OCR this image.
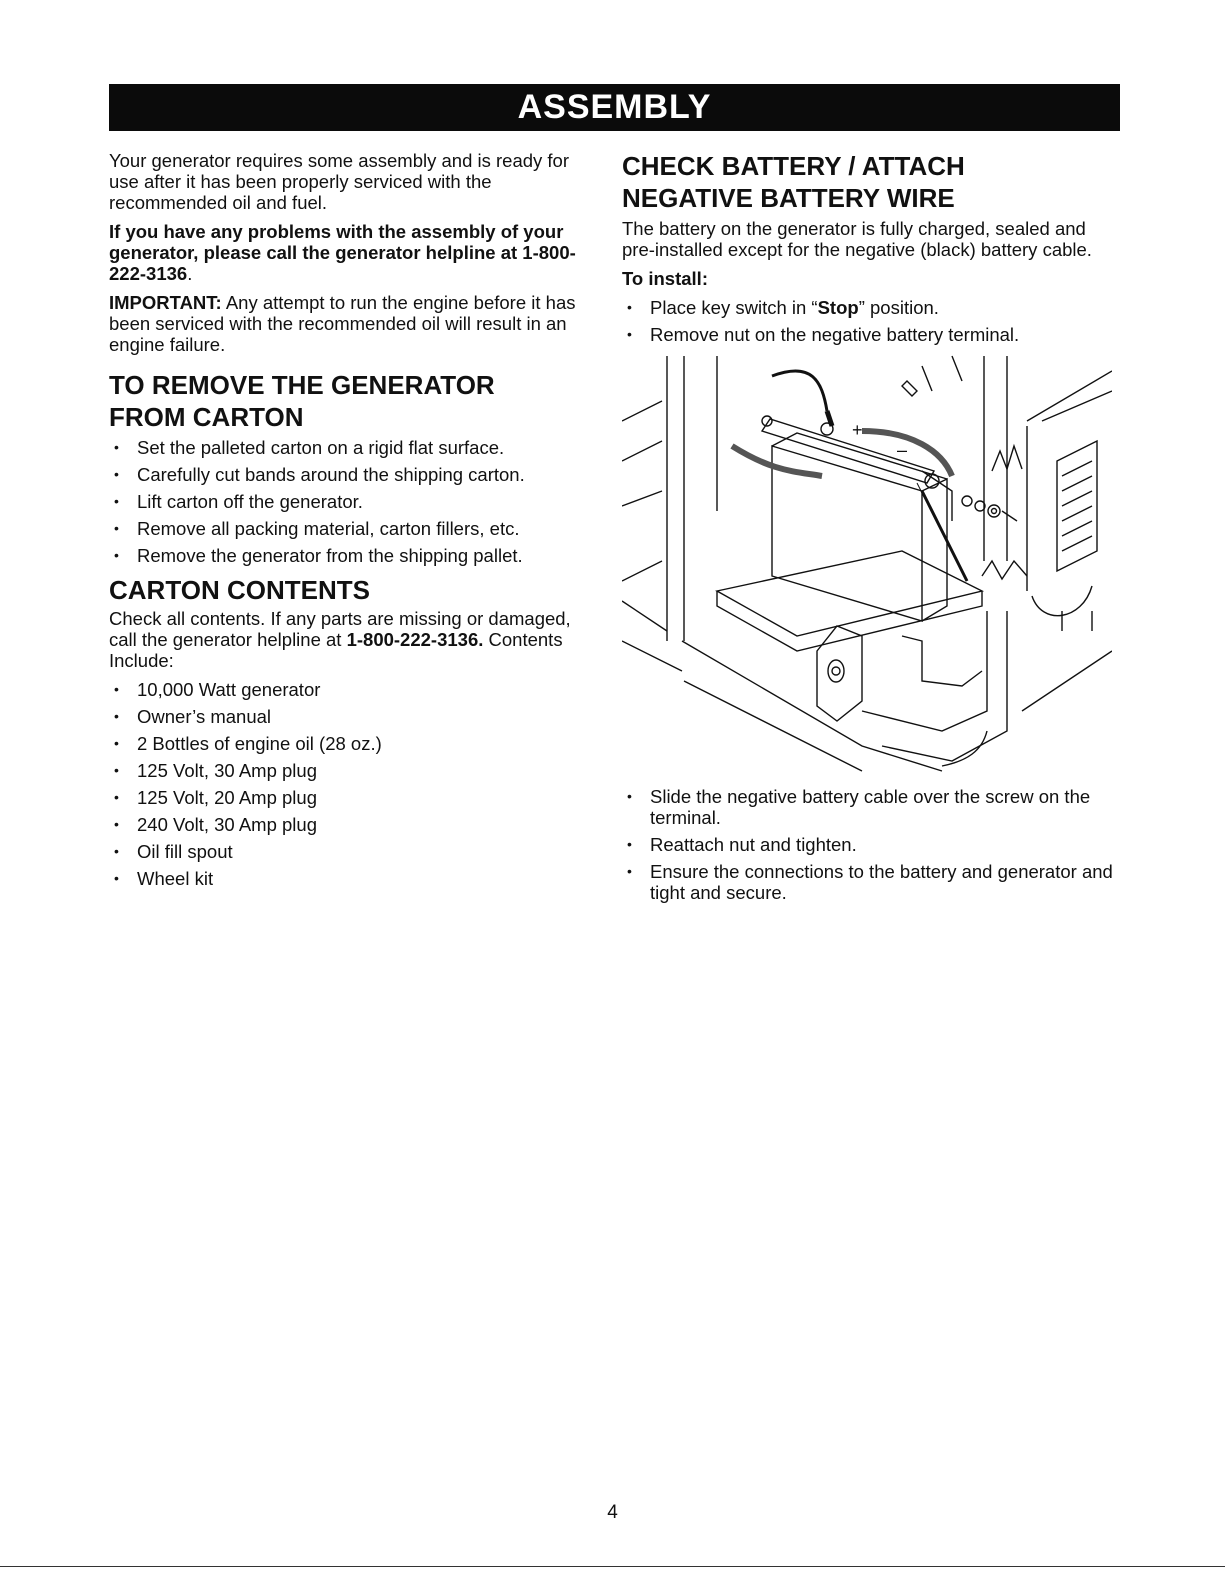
ASSEMBLY

Your generator requires some assembly and is ready for use after it has been properly serviced with the recommended oil and fuel.

If you have any problems with the assembly of your generator, please call the generator helpline at 1-800-222-3136.

IMPORTANT: Any attempt to run the engine before it has been serviced with the recommended oil will result in an engine failure.

TO REMOVE THE GENERATOR
FROM CARTON
• Set the palleted carton on a rigid flat surface.
• Carefully cut bands around the shipping carton.
• Lift carton off the generator.
• Remove all packing material, carton fillers, etc.
• Remove the generator from the shipping pallet.
CARTON CONTENTS

Check all contents. If any parts are missing or damaged, call the generator helpline at 1-800-222-3136. Contents Include:

• 10,000 Watt generator
• Owner’s manual
• 2 Bottles of engine oil (28 oz.)
• 125 Volt, 30 Amp plug
• 125 Volt, 20 Amp plug
• 240 Volt, 30 Amp plug
• Oil fill spout
• Wheel kit
CHECK BATTERY / ATTACH
NEGATIVE BATTERY WIRE

The battery on the generator is fully charged, sealed and pre-installed except for the negative (black) battery cable.

To install:
• Place key switch in “Stop” position.
• Remove nut on the negative battery terminal.
+
–
• Slide the negative battery cable over the screw on the terminal.
• Reattach nut and tighten.
• Ensure the connections to the battery and generator and tight and secure.
4
